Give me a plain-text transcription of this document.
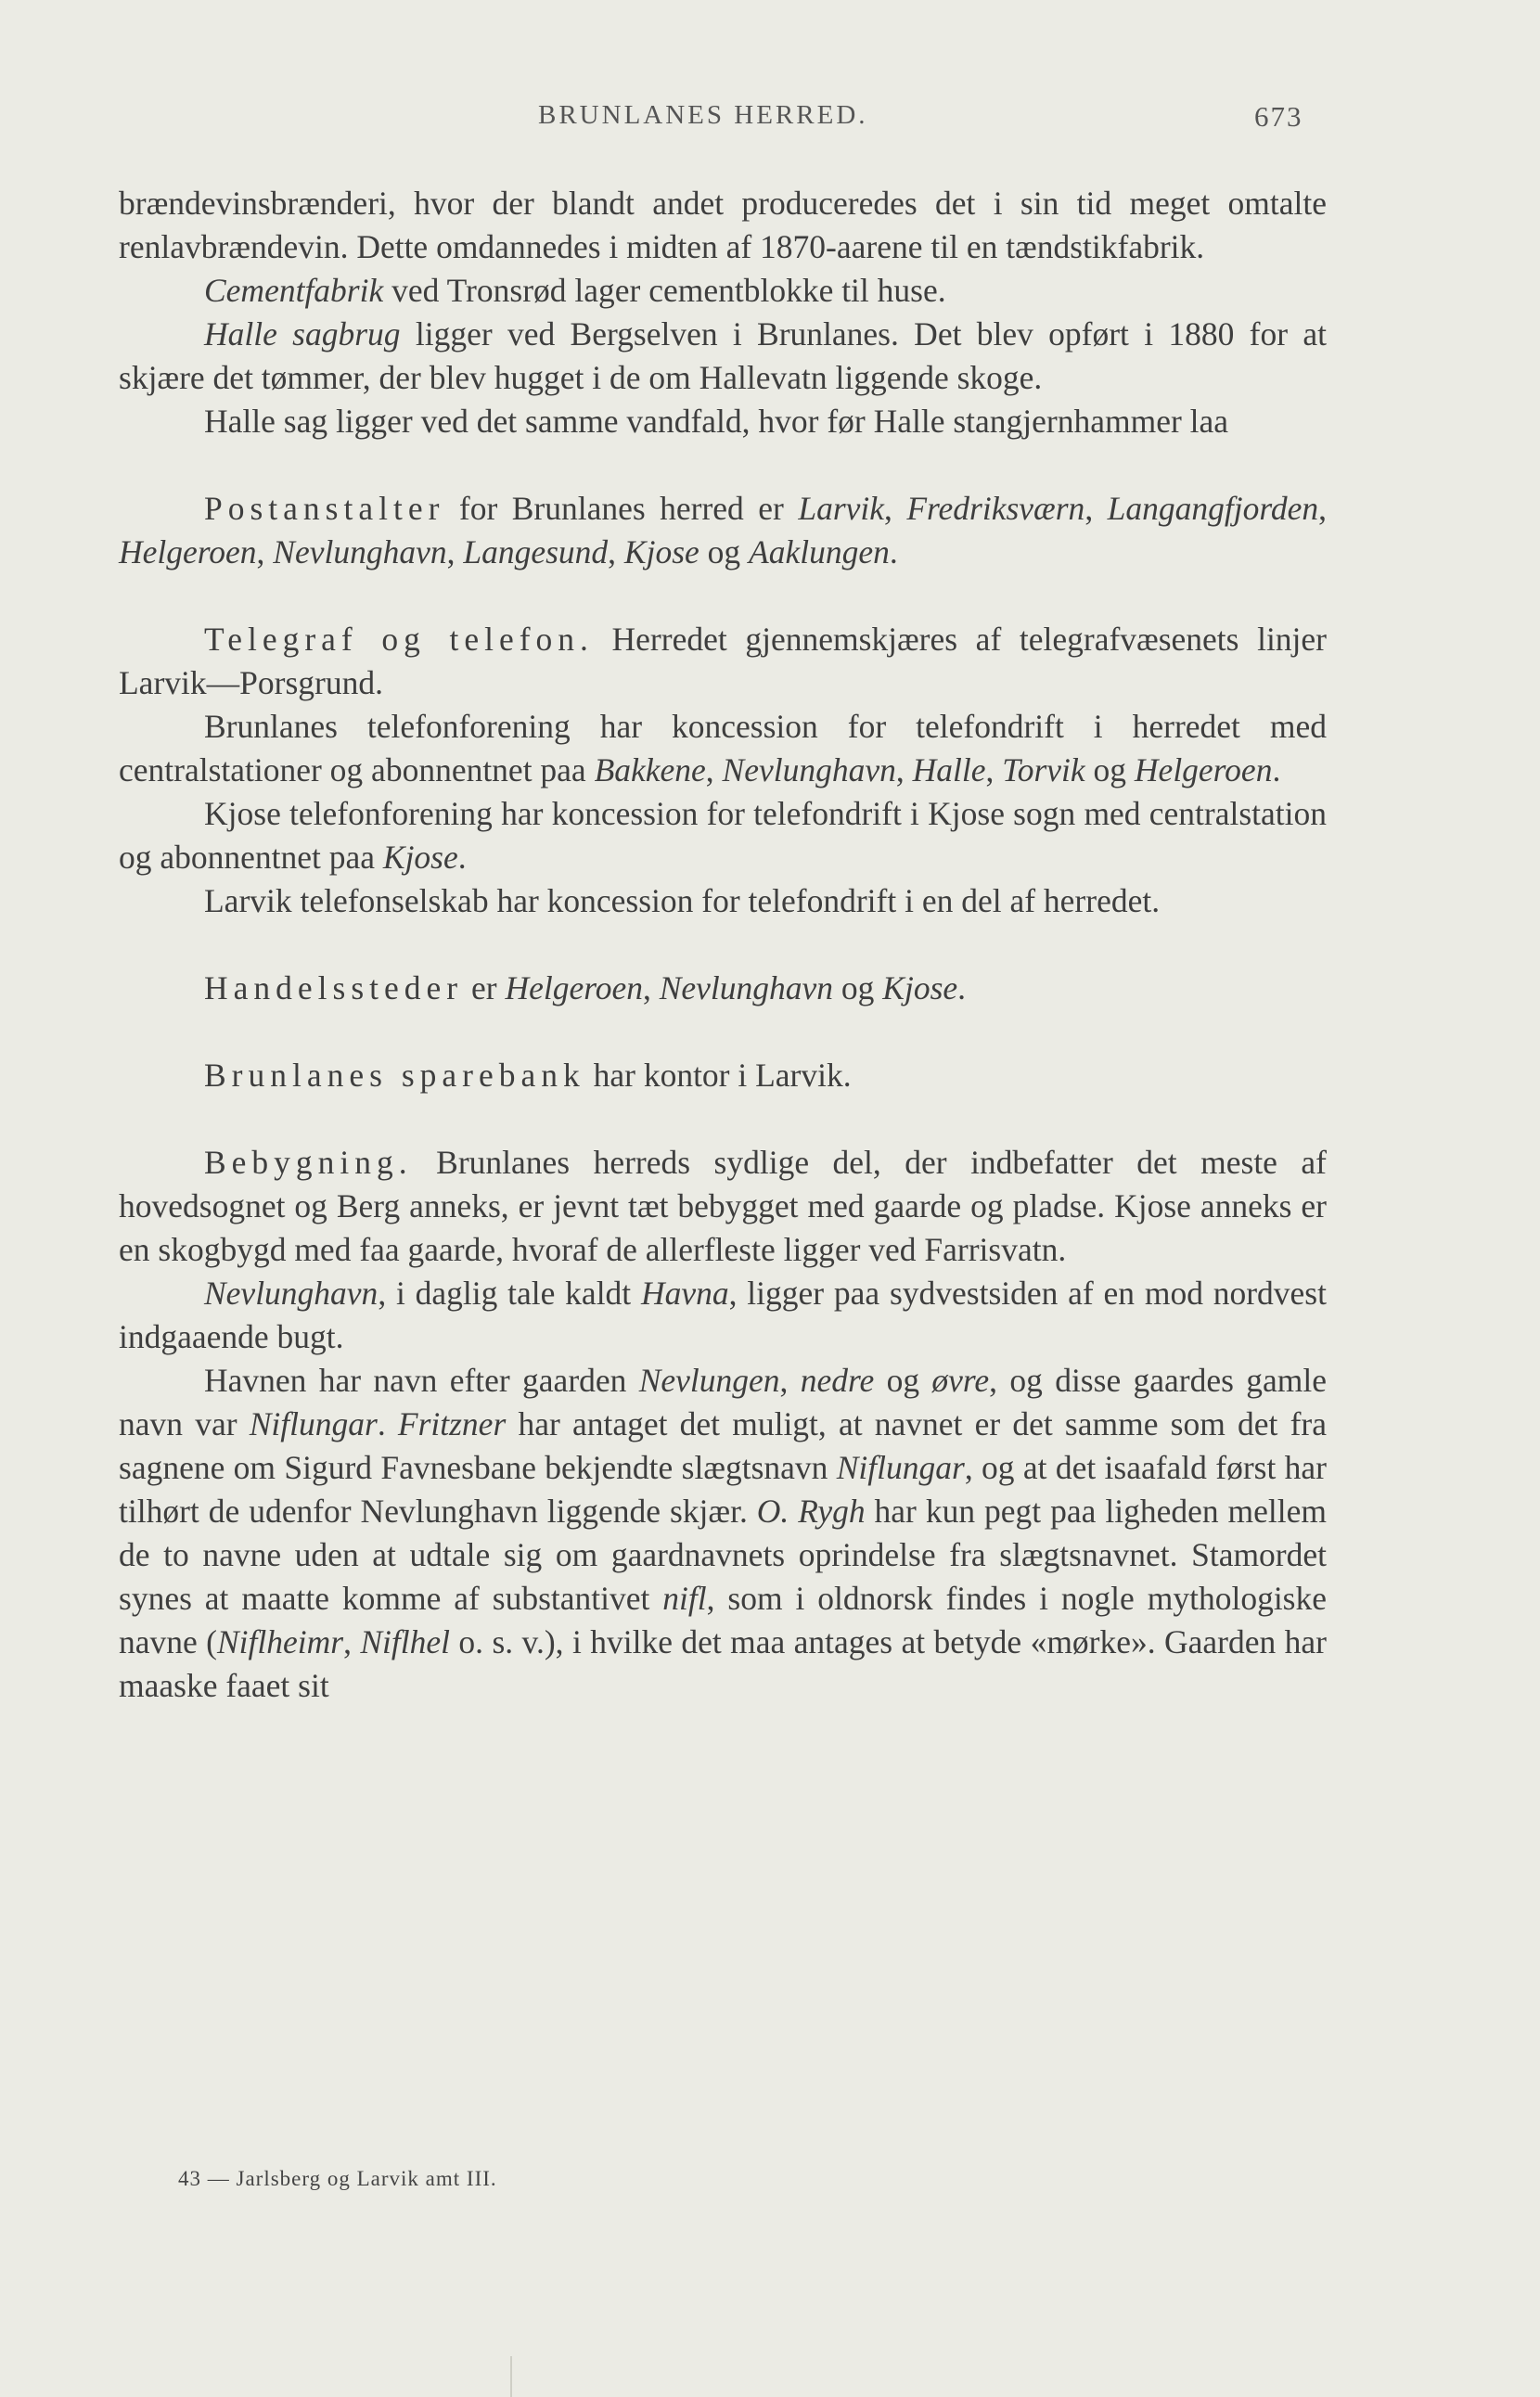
BRUNLANES HERRED.	673

brændevinsbrænderi, hvor der blandt andet produceredes det i sin tid meget omtalte renlavbrændevin. Dette omdannedes i midten af 1870-aarene til en tændstikfabrik.

Cementfabrik ved Tronsrød lager cementblokke til huse.

Halle sagbrug ligger ved Bergselven i Brunlanes. Det blev opført i 1880 for at skjære det tømmer, der blev hugget i de om Hallevatn liggende skoge.

Halle sag ligger ved det samme vandfald, hvor før Halle stangjernhammer laa

Postanstalter for Brunlanes herred er Larvik, Fredriksværn, Langangfjorden, Helgeroen, Nevlunghavn, Langesund, Kjose og Aaklungen.

Telegraf og telefon. Herredet gjennemskjæres af telegrafvæsenets linjer Larvik—Porsgrund.

Brunlanes telefonforening har koncession for telefondrift i herredet med centralstationer og abonnentnet paa Bakkene, Nevlunghavn, Halle, Torvik og Helgeroen.

Kjose telefonforening har koncession for telefondrift i Kjose sogn med centralstation og abonnentnet paa Kjose.

Larvik telefonselskab har koncession for telefondrift i en del af herredet.

Handelssteder er Helgeroen, Nevlunghavn og Kjose.

Brunlanes sparebank har kontor i Larvik.

Bebygning. Brunlanes herreds sydlige del, der indbefatter det meste af hovedsognet og Berg anneks, er jevnt tæt bebygget med gaarde og pladse. Kjose anneks er en skogbygd med faa gaarde, hvoraf de allerfleste ligger ved Farrisvatn.

Nevlunghavn, i daglig tale kaldt Havna, ligger paa sydvestsiden af en mod nordvest indgaaende bugt.

Havnen har navn efter gaarden Nevlungen, nedre og øvre, og disse gaardes gamle navn var Niflungar. Fritzner har antaget det muligt, at navnet er det samme som det fra sagnene om Sigurd Favnesbane bekjendte slægtsnavn Niflungar, og at det isaafald først har tilhørt de udenfor Nevlunghavn liggende skjær. O. Rygh har kun pegt paa ligheden mellem de to navne uden at udtale sig om gaardnavnets oprindelse fra slægtsnavnet. Stamordet synes at maatte komme af substantivet nifl, som i oldnorsk findes i nogle mythologiske navne (Niflheimr, Niflhel o. s. v.), i hvilke det maa antages at betyde «mørke». Gaarden har maaske faaet sit

43 — Jarlsberg og Larvik amt III.
